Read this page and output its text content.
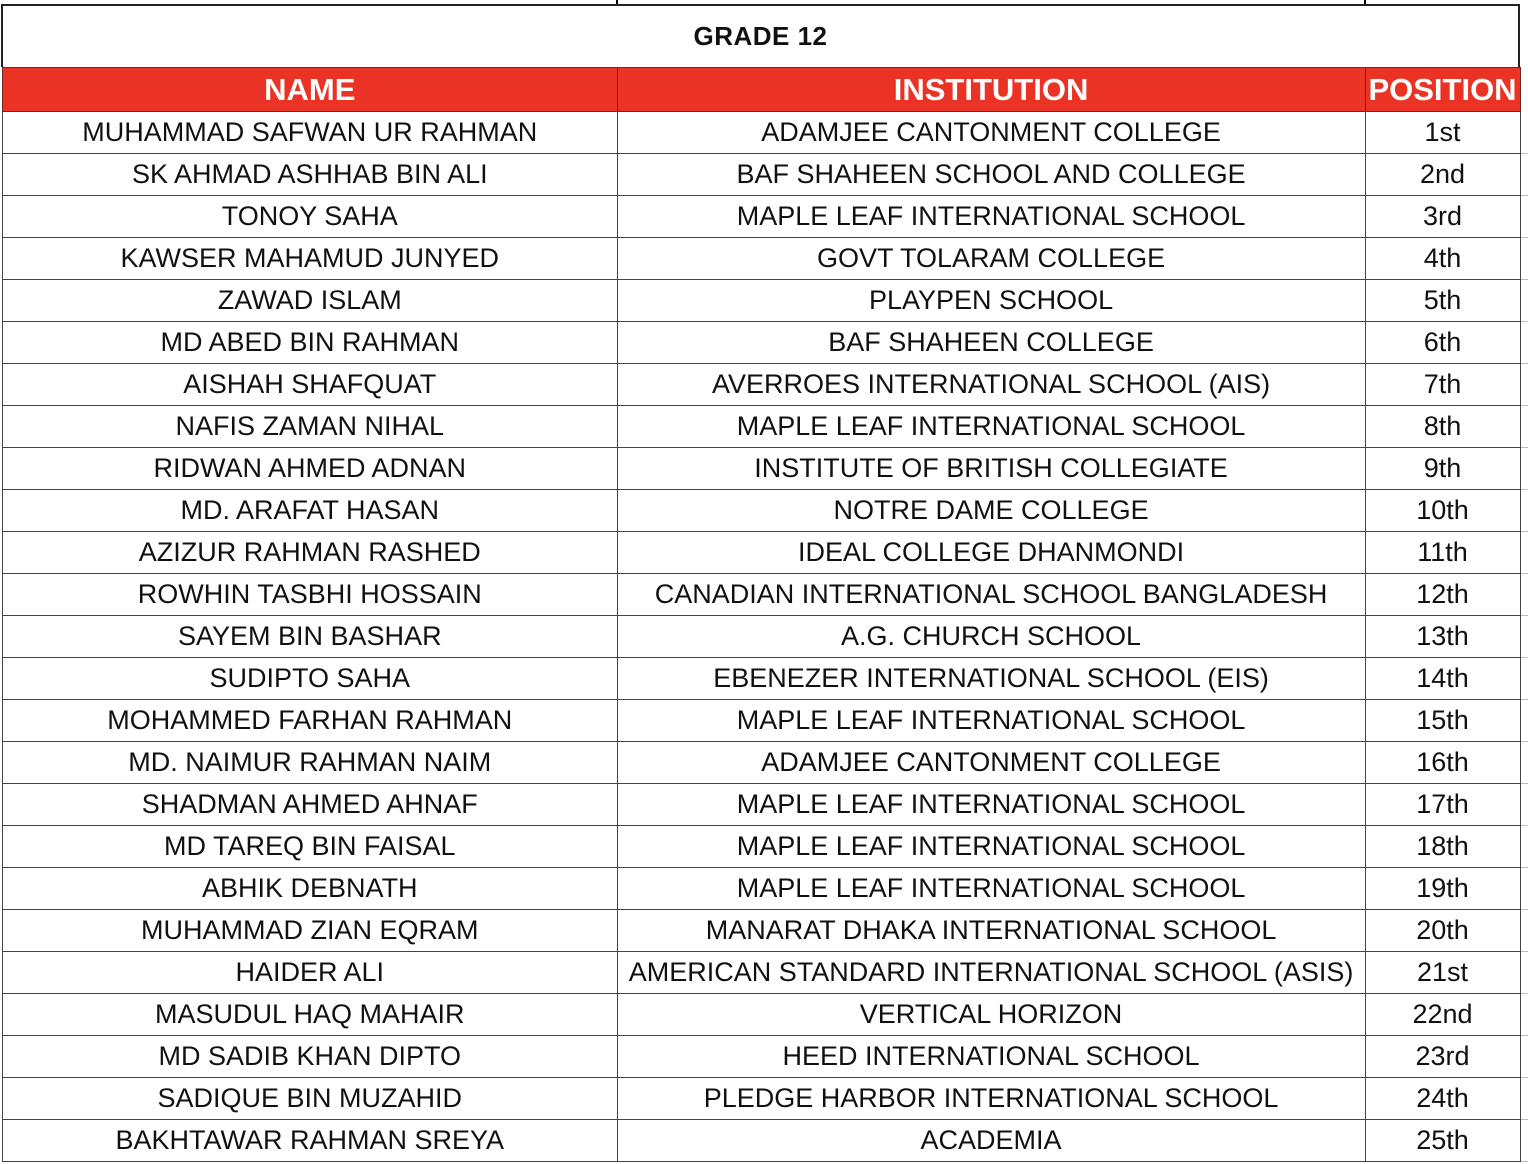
GRADE 12
NAME	INSTITUTION	POSITION	
MUHAMMAD SAFWAN UR RAHMAN	ADAMJEE CANTONMENT COLLEGE	1st	
SK AHMAD ASHHAB BIN ALI	BAF SHAHEEN SCHOOL AND COLLEGE	2nd	
TONOY SAHA	MAPLE LEAF INTERNATIONAL SCHOOL	3rd	
KAWSER MAHAMUD JUNYED	GOVT TOLARAM COLLEGE	4th	
ZAWAD ISLAM	PLAYPEN SCHOOL	5th	
MD ABED BIN RAHMAN	BAF SHAHEEN COLLEGE	6th	
AISHAH SHAFQUAT	AVERROES INTERNATIONAL SCHOOL (AIS)	7th	
NAFIS ZAMAN NIHAL	MAPLE LEAF INTERNATIONAL SCHOOL	8th	
RIDWAN AHMED ADNAN	INSTITUTE OF BRITISH COLLEGIATE	9th	
MD. ARAFAT HASAN	NOTRE DAME COLLEGE	10th	
AZIZUR RAHMAN RASHED	IDEAL COLLEGE DHANMONDI	11th	
ROWHIN TASBHI HOSSAIN	CANADIAN INTERNATIONAL SCHOOL BANGLADESH	12th	
SAYEM BIN BASHAR	A.G. CHURCH SCHOOL	13th	
SUDIPTO SAHA	EBENEZER INTERNATIONAL SCHOOL (EIS)	14th	
MOHAMMED FARHAN RAHMAN	MAPLE LEAF INTERNATIONAL SCHOOL	15th	
MD. NAIMUR RAHMAN NAIM	ADAMJEE CANTONMENT COLLEGE	16th	
SHADMAN AHMED AHNAF	MAPLE LEAF INTERNATIONAL SCHOOL	17th	
MD TAREQ BIN FAISAL	MAPLE LEAF INTERNATIONAL SCHOOL	18th	
ABHIK DEBNATH	MAPLE LEAF INTERNATIONAL SCHOOL	19th	
MUHAMMAD ZIAN EQRAM	MANARAT DHAKA INTERNATIONAL SCHOOL	20th	
HAIDER ALI	AMERICAN STANDARD INTERNATIONAL SCHOOL (ASIS)	21st	
MASUDUL HAQ MAHAIR	VERTICAL HORIZON	22nd	
MD SADIB KHAN DIPTO	HEED INTERNATIONAL SCHOOL	23rd	
SADIQUE BIN MUZAHID	PLEDGE HARBOR INTERNATIONAL SCHOOL	24th	
BAKHTAWAR RAHMAN SREYA	ACADEMIA	25th	
